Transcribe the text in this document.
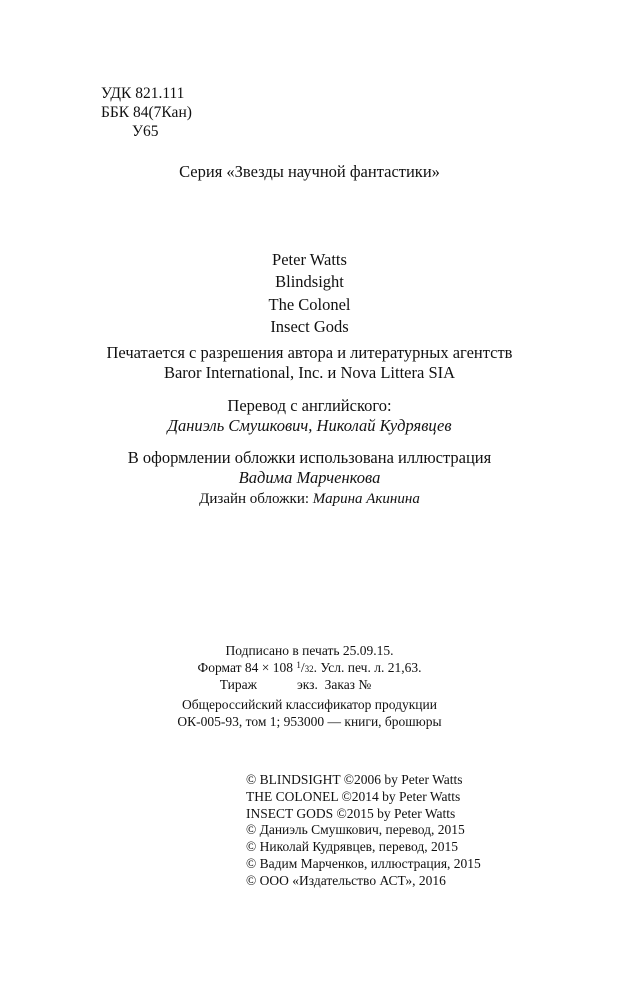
УДК 821.111
ББК 84(7Кан)
У65
Серия «Звезды научной фантастики»
Peter Watts
Blindsight
The Colonel
Insect Gods
Печатается с разрешения автора и литературных агентств
Baror International, Inc. и Nova Littera SIA
Перевод с английского:
Даниэль Смушкович, Николай Кудрявцев
В оформлении обложки использована иллюстрация
Вадима Марченкова
Дизайн обложки: Марина Акинина
Подписано в печать 25.09.15.
Формат 84 × 108 $^1$/32. Усл. печ. л. 21,63.
Тираж	экз. Заказ №
Общероссийский классификатор продукции
ОК-005-93, том 1; 953000 — книги, брошюры
© BLINDSIGHT ©2006 by Peter Watts
THE COLONEL ©2014 by Peter Watts
INSECT GODS ©2015 by Peter Watts
© Даниэль Смушкович, перевод, 2015
© Николай Кудрявцев, перевод, 2015
© Вадим Марченков, иллюстрация, 2015
© ООО «Издательство АСТ», 2016
